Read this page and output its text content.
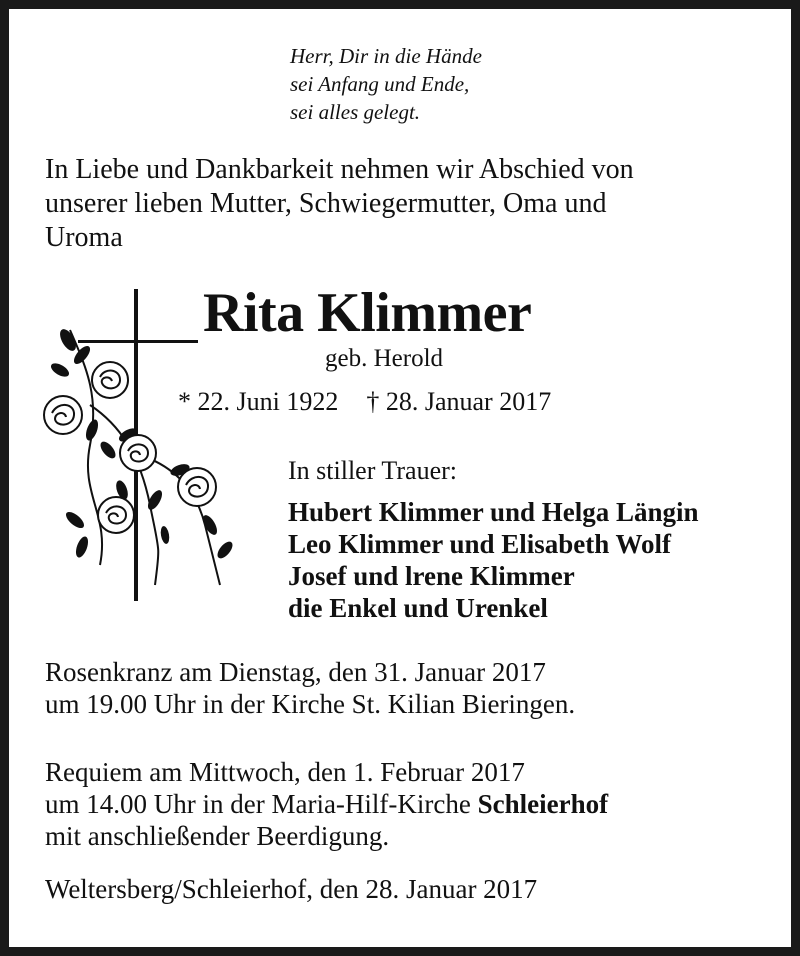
Herr, Dir in die Hände
sei Anfang und Ende,
sei alles gelegt.
In Liebe und Dankbarkeit nehmen wir Abschied von
unserer lieben Mutter, Schwiegermutter, Oma und
Uroma
Rita Klimmer
geb. Herold
* 22. Juni 1922 † 28. Januar 2017
In stiller Trauer:
Hubert Klimmer und Helga Längin
Leo Klimmer und Elisabeth Wolf
Josef und lrene Klimmer
die Enkel und Urenkel
Rosenkranz am Dienstag, den 31. Januar 2017
um 19.00 Uhr in der Kirche St. Kilian Bieringen.
Requiem am Mittwoch, den 1. Februar 2017
um 14.00 Uhr in der Maria-Hilf-Kirche Schleierhof
mit anschließender Beerdigung.
Weltersberg/Schleierhof, den 28. Januar 2017
